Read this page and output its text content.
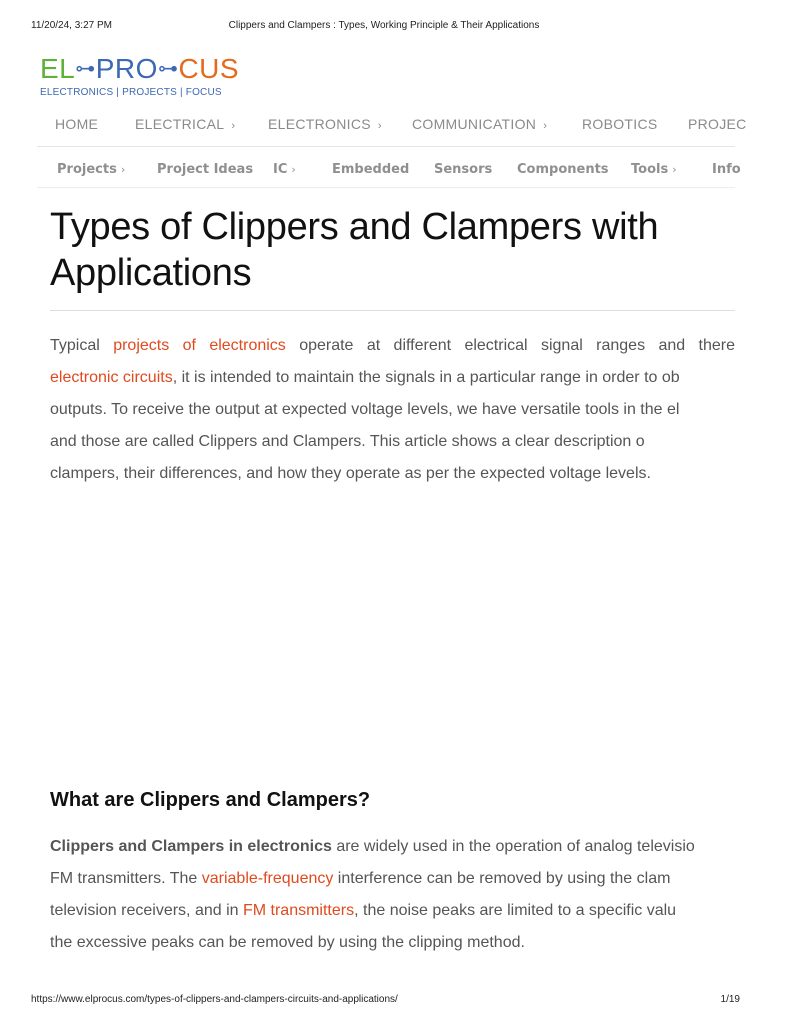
11/20/24, 3:27 PM	Clippers and Clampers : Types, Working Principle & Their Applications
EL⊶PRO⊶CUS
ELECTRONICS | PROJECTS | FOCUS
HOME	ELECTRICAL › ELECTRONICS › COMMUNICATION › ROBOTICS PROJEC
Projects › Project Ideas IC ›	Embedded Sensors Components Tools ›	Info
Types of Clippers and Clampers with
Applications
Typical projects of electronics operate at different electrical signal ranges and there
electronic circuits, it is intended to maintain the signals in a particular range in order to ob
outputs. To receive the output at expected voltage levels, we have versatile tools in the el
and those are called Clippers and Clampers. This article shows a clear description o
clampers, their differences, and how they operate as per the expected voltage levels.
What are Clippers and Clampers?
Clippers and Clampers in electronics are widely used in the operation of analog televisio
FM transmitters. The variable-frequency interference can be removed by using the clam
television receivers, and in FM transmitters, the noise peaks are limited to a specific valu
the excessive peaks can be removed by using the clipping method.
https://www.elprocus.com/types-of-clippers-and-clampers-circuits-and-applications/	1/19
